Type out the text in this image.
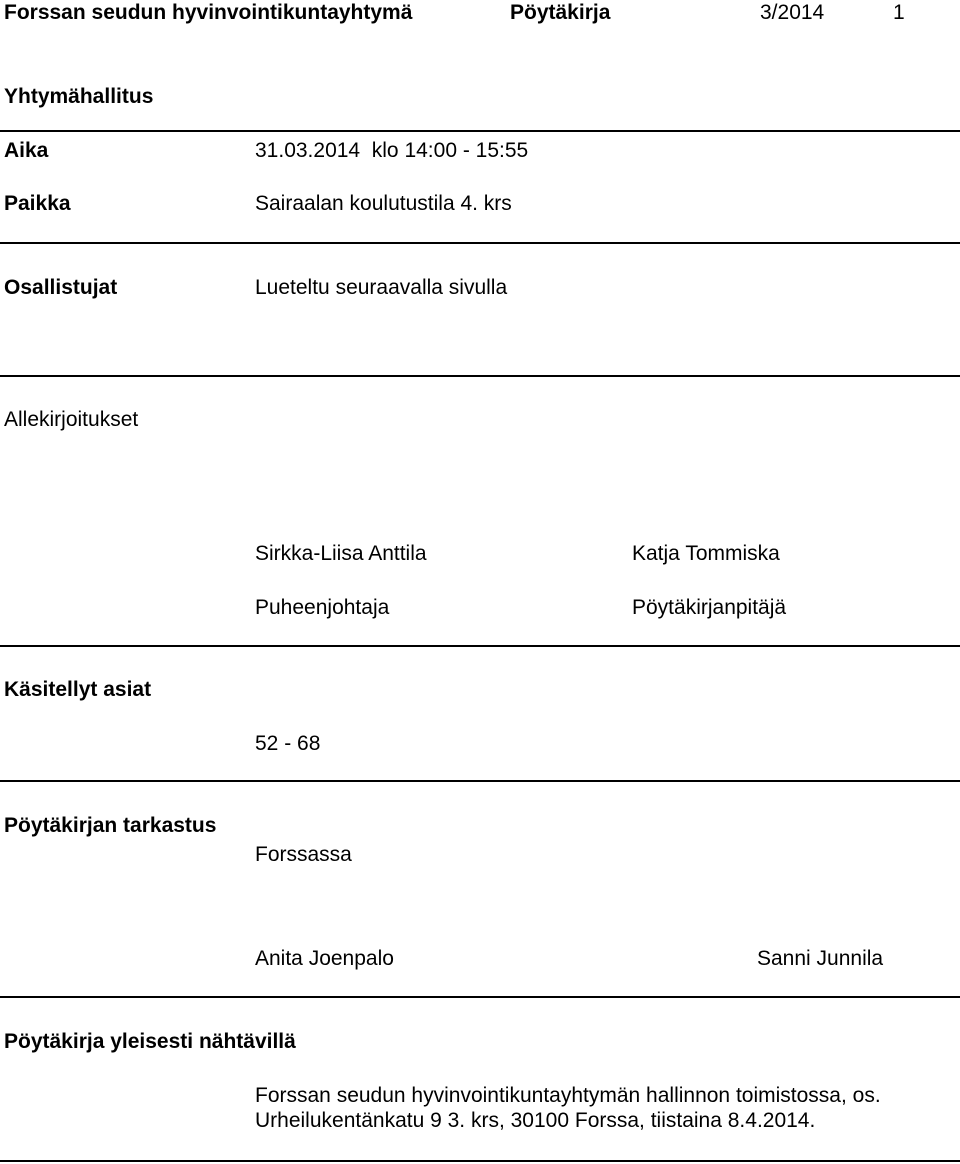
Forssan seudun hyvinvointikuntayhtymä	Pöytäkirja	3/2014	1
Yhtymähallitus
Aika	31.03.2014  klo 14:00 - 15:55
Paikka	Sairaalan koulutustila 4. krs
Osallistujat	Lueteltu seuraavalla sivulla
Allekirjoitukset
Sirkka-Liisa Anttila	Katja Tommiska
Puheenjohtaja	Pöytäkirjanpitäjä
Käsitellyt asiat
52 - 68
Pöytäkirjan tarkastus
Forssassa
Anita Joenpalo	Sanni Junnila
Pöytäkirja yleisesti nähtävillä
Forssan seudun hyvinvointikuntayhtymän hallinnon toimistossa, os.
Urheilukentänkatu 9 3. krs, 30100 Forssa, tiistaina 8.4.2014.
